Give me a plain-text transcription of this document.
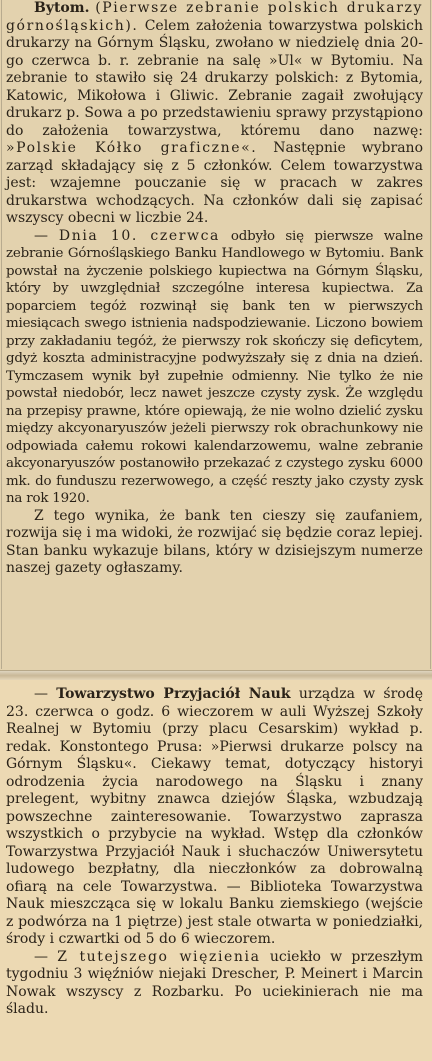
Bytom. (Pierwsze zebranie polskich drukarzy górnośląskich). Celem założenia towarzystwa polskich drukarzy na Górnym Śląsku, zwołano w niedzielę dnia 20-go czerwca b. r. zebranie na salę »Ul« w Bytomiu. Na zebranie to stawiło się 24 drukarzy polskich: z Bytomia, Katowic, Mikołowa i Gliwic. Zebranie zagaił zwołujący drukarz p. Sowa a po przedstawieniu sprawy przystąpiono do założenia towarzystwa, któremu dano nazwę: »Polskie Kółko graficzne«. Następnie wybrano zarząd składający się z 5 członków. Celem towarzystwa jest: wzajemne pouczanie się w pracach w zakres drukarstwa wchodzących. Na członków dali się zapisać wszyscy obecni w liczbie 24.

— Dnia 10. czerwca odbyło się pierwsze walne zebranie Górnośląskiego Banku Handlowego w Bytomiu. Bank powstał na życzenie polskiego kupiectwa na Górnym Śląsku, który by uwzględniał szczególne interesa kupiectwa. Za poparciem tegóż rozwinął się bank ten w pierwszych miesiącach swego istnienia nadspodziewanie. Liczono bowiem przy zakładaniu tegóż, że pierwszy rok skończy się deficytem, gdyż koszta administracyjne podwyższały się z dnia na dzień. Tymczasem wynik był zupełnie odmienny. Nie tylko że nie powstał niedobór, lecz nawet jeszcze czysty zysk. Że względu na przepisy prawne, które opiewają, że nie wolno dzielić zysku między akcyonaryuszów jeżeli pierwszy rok obrachunkowy nie odpowiada całemu rokowi kalendarzowemu, walne zebranie akcyonaryuszów postanowiło przekazać z czystego zysku 6000 mk. do funduszu rezerwowego, a część reszty jako czysty zysk na rok 1920.

Z tego wynika, że bank ten cieszy się zaufaniem, rozwija się i ma widoki, że rozwijać się będzie coraz lepiej. Stan banku wykazuje bilans, który w dzisiejszym numerze naszej gazety ogłaszamy.

— Towarzystwo Przyjaciół Nauk urządza w środę 23. czerwca o godz. 6 wieczorem w auli Wyższej Szkoły Realnej w Bytomiu (przy placu Cesarskim) wykład p. redak. Konstontego Prusa: »Pierwsi drukarze polscy na Górnym Śląsku«. Ciekawy temat, dotyczący historyi odrodzenia życia narodowego na Śląsku i znany prelegent, wybitny znawca dziejów Śląska, wzbudzają powszechne zainteresowanie. Towarzystwo zaprasza wszystkich o przybycie na wykład. Wstęp dla członków Towarzystwa Przyjaciół Nauk i słuchaczów Uniwersytetu ludowego bezpłatny, dla nieczłonków za dobrowalną ofiarą na cele Towarzystwa. — Biblioteka Towarzystwa Nauk mieszcząca się w lokalu Banku ziemskiego (wejście z podwórza na 1 piętrze) jest stale otwarta w poniedziałki, środy i czwartki od 5 do 6 wieczorem.

— Z tutejszego więzienia uciekło w przeszłym tygodniu 3 więźniów niejaki Drescher, P. Meinert i Marcin Nowak wszyscy z Rozbarku. Po uciekinierach nie ma śladu.
